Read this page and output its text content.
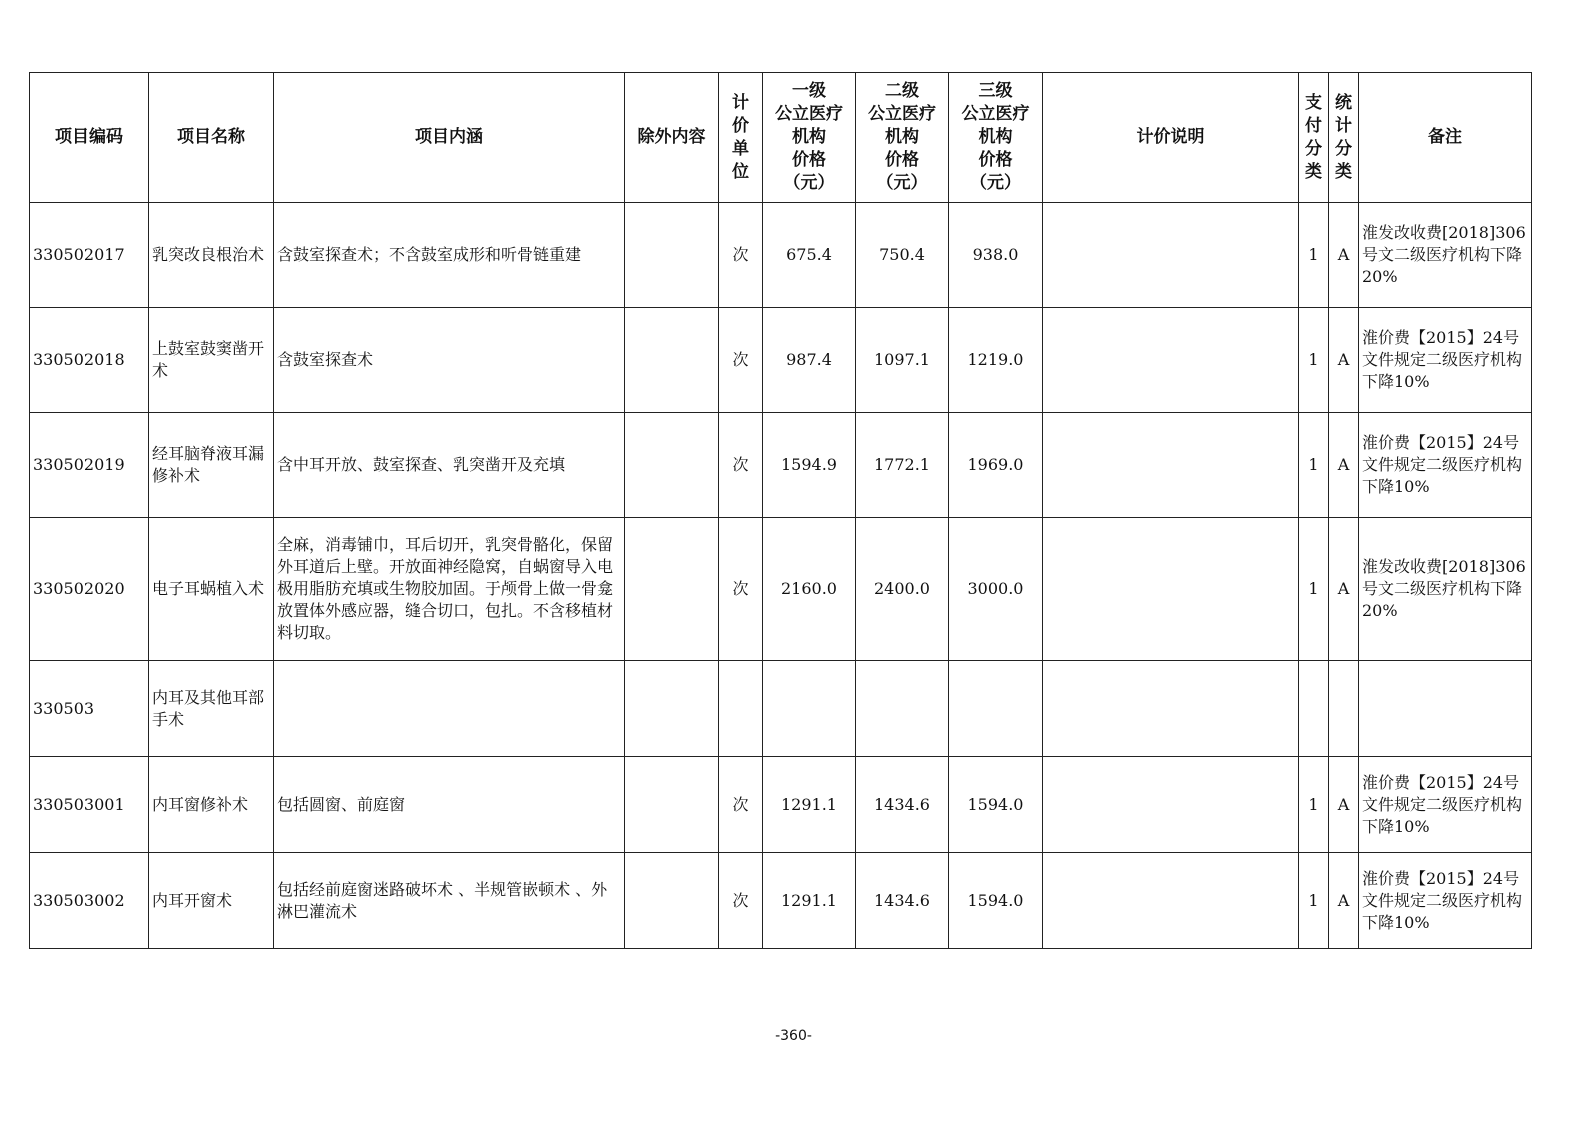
项目编码	项目名称	项目内涵	除外内容	计
价
单
位	一级
公立医疗
机构
价格
（元）	二级
公立医疗
机构
价格
（元）	三级
公立医疗
机构
价格
（元）	计价说明	支
付
分
类	统
计
分
类	备注
330502017	乳突改良根治术	含鼓室探查术；不含鼓室成形和听骨链重建		次	675.4	750.4	938.0		1	A	淮发改收费[2018]306号文二级医疗机构下降20%
330502018	上鼓室鼓窦凿开术	含鼓室探查术		次	987.4	1097.1	1219.0		1	A	淮价费【2015】24号文件规定二级医疗机构下降10%
330502019	经耳脑脊液耳漏修补术	含中耳开放、鼓室探查、乳突凿开及充填		次	1594.9	1772.1	1969.0		1	A	淮价费【2015】24号文件规定二级医疗机构下降10%
330502020	电子耳蜗植入术	全麻，消毒铺巾，耳后切开，乳突骨骼化，保留外耳道后上壁。开放面神经隐窝，自蜗窗导入电极用脂肪充填或生物胶加固。于颅骨上做一骨龛放置体外感应器，缝合切口，包扎。不含移植材料切取。		次	2160.0	2400.0	3000.0		1	A	淮发改收费[2018]306号文二级医疗机构下降20%
330503	内耳及其他耳部手术										
330503001	内耳窗修补术	包括圆窗、前庭窗		次	1291.1	1434.6	1594.0		1	A	淮价费【2015】24号文件规定二级医疗机构下降10%
330503002	内耳开窗术	包括经前庭窗迷路破坏术 、半规管嵌顿术 、外淋巴灌流术		次	1291.1	1434.6	1594.0		1	A	淮价费【2015】24号文件规定二级医疗机构下降10%
-360-
